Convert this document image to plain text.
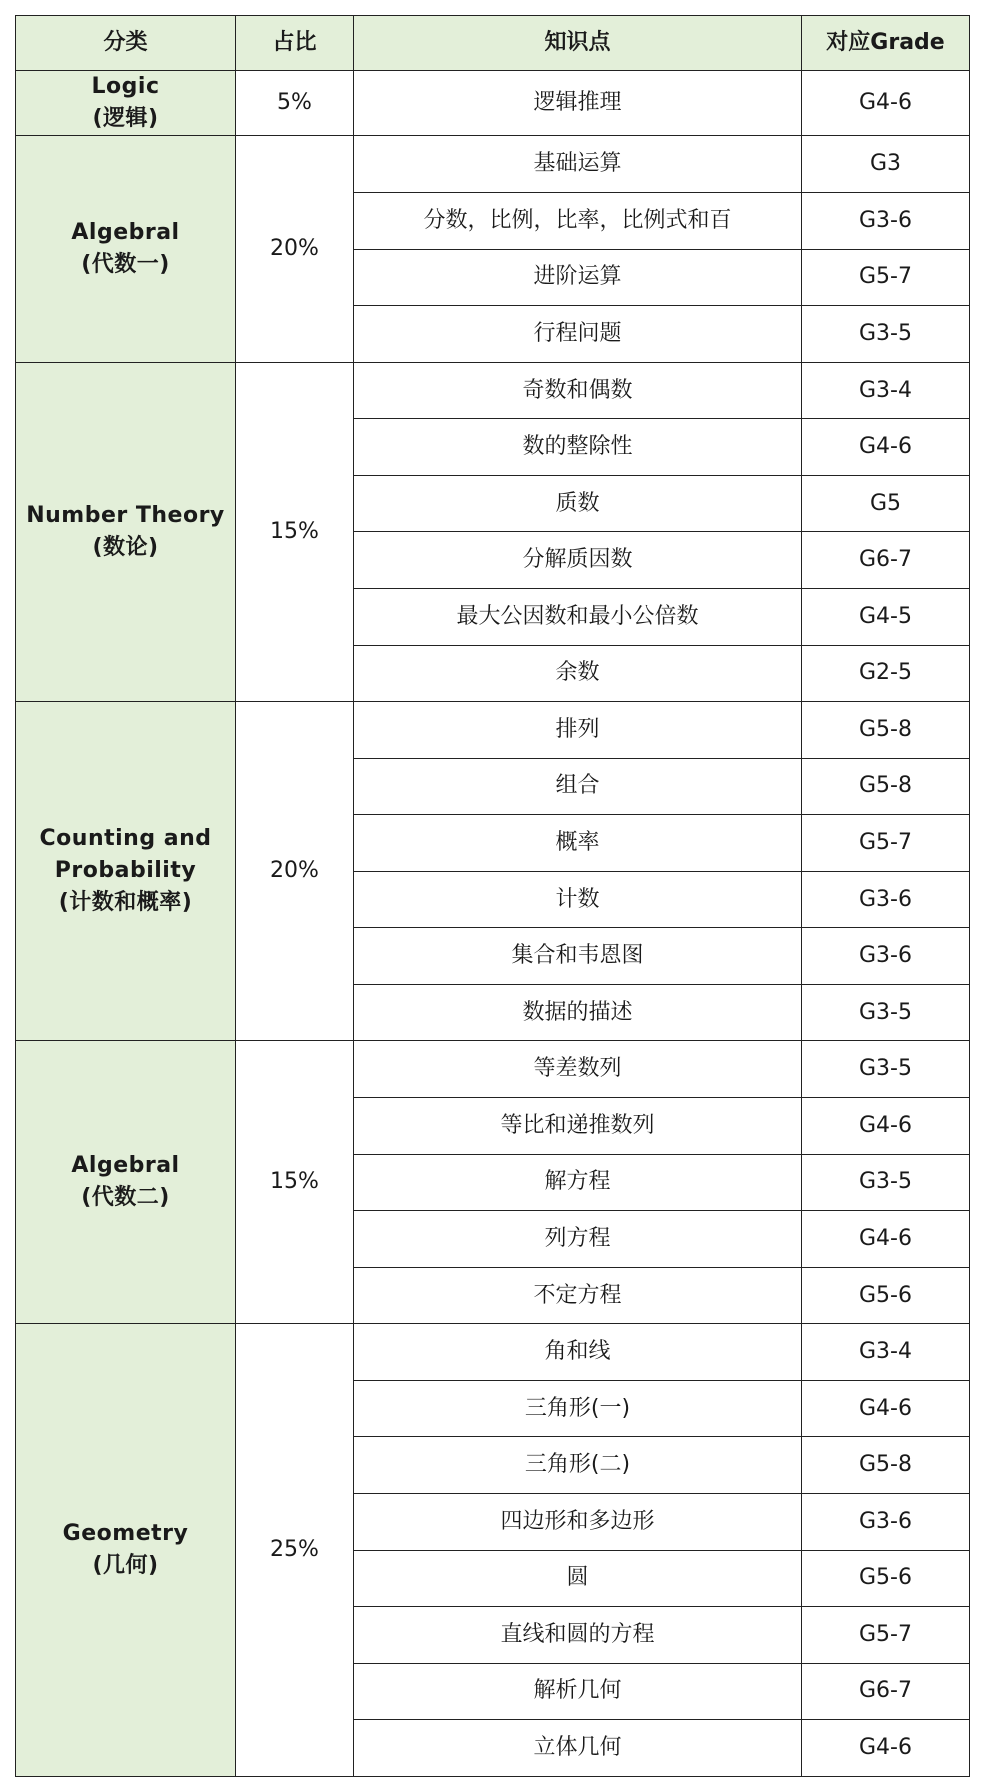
分类	占比	知识点	对应Grade

Logic
(逻辑)	5%	逻辑推理	G4-6

Algebral
(代数一)	20%	基础运算	G3
		分数，比例，比率，比例式和百	G3-6
		进阶运算	G5-7
		行程问题	G3-5

Number Theory
(数论)	15%	奇数和偶数	G3-4
		数的整除性	G4-6
		质数	G5
		分解质因数	G6-7
		最大公因数和最小公倍数	G4-5
		余数	G2-5

Counting and Probability
(计数和概率)	20%	排列	G5-8
		组合	G5-8
		概率	G5-7
		计数	G3-6
		集合和韦恩图	G3-6
		数据的描述	G3-5

Algebral
(代数二)	15%	等差数列	G3-5
		等比和递推数列	G4-6
		解方程	G3-5
		列方程	G4-6
		不定方程	G5-6

Geometry
(几何)	25%	角和线	G3-4
		三角形(一)	G4-6
		三角形(二)	G5-8
		四边形和多边形	G3-6
		圆	G5-6
		直线和圆的方程	G5-7
		解析几何	G6-7
		立体几何	G4-6
